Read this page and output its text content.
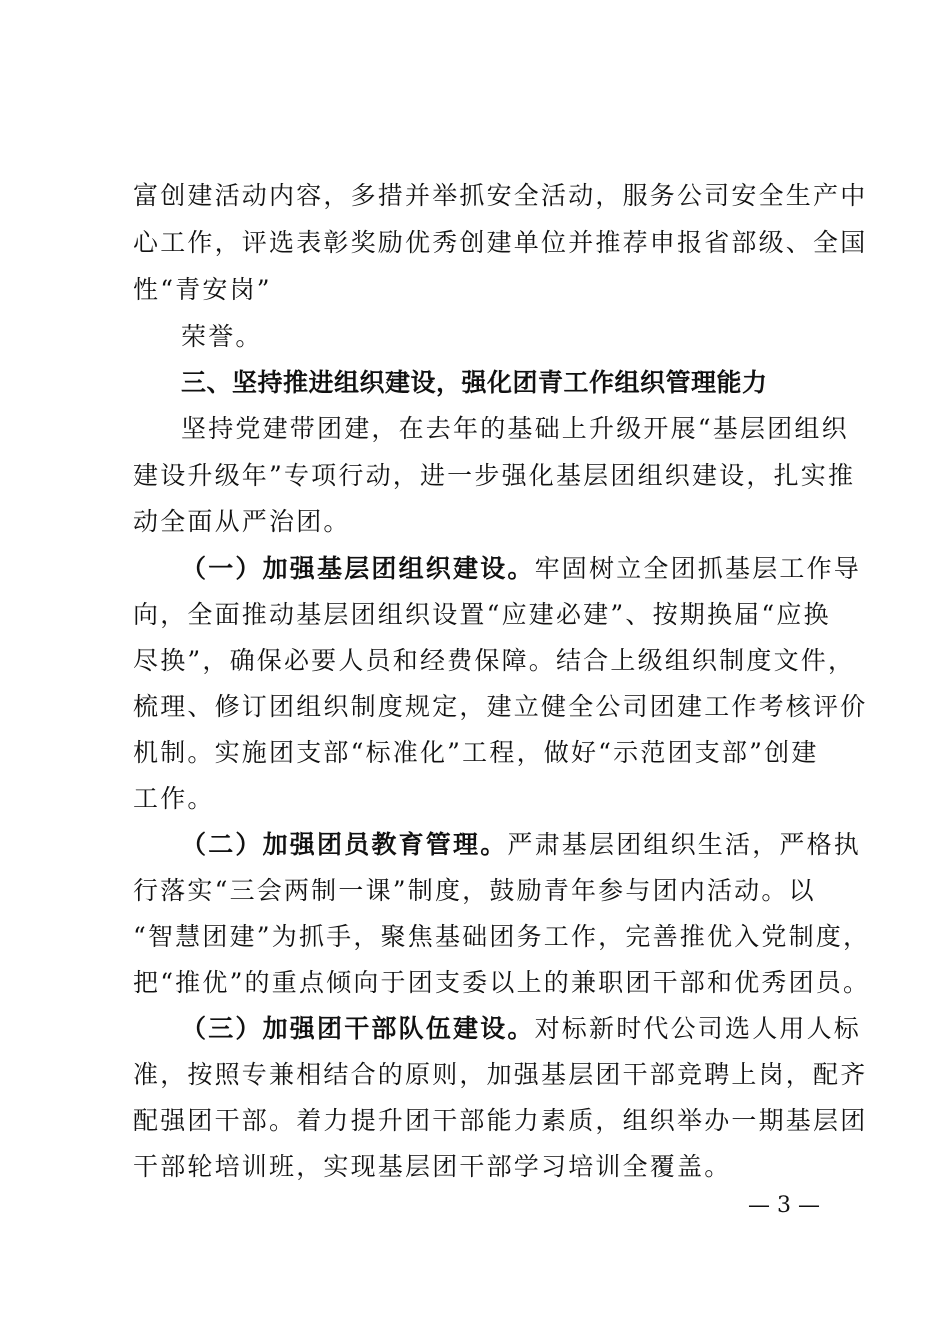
富创建活动内容，多措并举抓安全活动，服务公司安全生产中
心工作，评选表彰奖励优秀创建单位并推荐申报省部级、全国
性“青安岗”
荣誉。
三、坚持推进组织建设，强化团青工作组织管理能力
坚持党建带团建，在去年的基础上升级开展“基层团组织
建设升级年”专项行动，进一步强化基层团组织建设，扎实推
动全面从严治团。
（一）加强基层团组织建设。牢固树立全团抓基层工作导
向，全面推动基层团组织设置“应建必建”、按期换届“应换
尽换”，确保必要人员和经费保障。结合上级组织制度文件，
梳理、修订团组织制度规定，建立健全公司团建工作考核评价
机制。实施团支部“标准化”工程，做好“示范团支部”创建
工作。
（二）加强团员教育管理。严肃基层团组织生活，严格执
行落实“三会两制一课”制度，鼓励青年参与团内活动。以
“智慧团建”为抓手，聚焦基础团务工作，完善推优入党制度，
把“推优”的重点倾向于团支委以上的兼职团干部和优秀团员。
（三）加强团干部队伍建设。对标新时代公司选人用人标
准，按照专兼相结合的原则，加强基层团干部竞聘上岗，配齐
配强团干部。着力提升团干部能力素质，组织举办一期基层团
干部轮培训班，实现基层团干部学习培训全覆盖。
— 3 —
